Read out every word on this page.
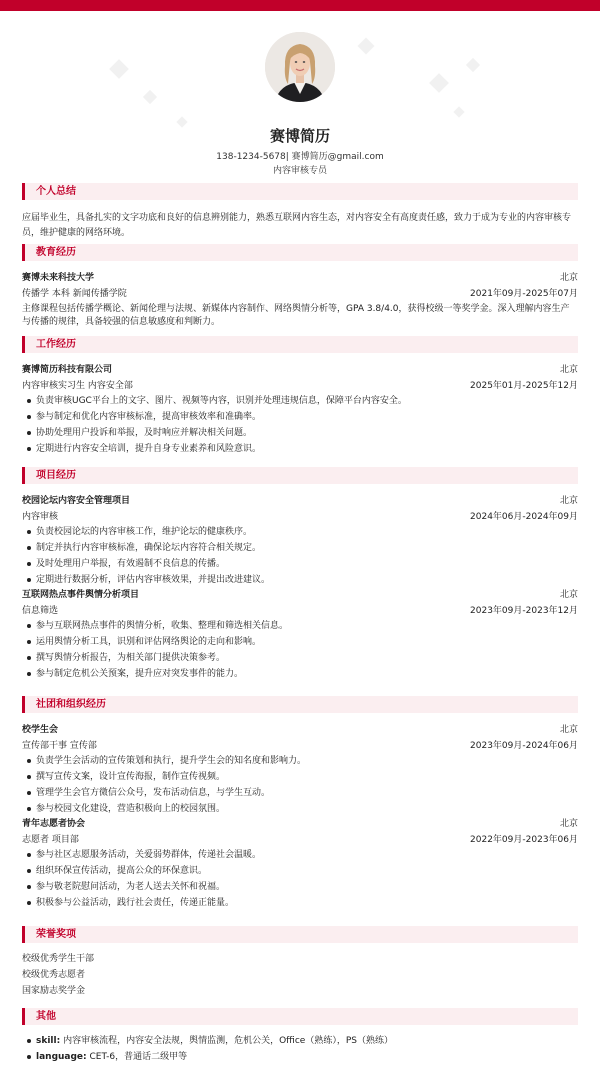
赛博简历
138-1234-5678| 赛博简历@gmail.com
内容审核专员
个人总结
应届毕业生，具备扎实的文字功底和良好的信息辨别能力，熟悉互联网内容生态，对内容安全有高度责任感，致力于成为专业的内容审核专员，维护健康的网络环境。
教育经历
赛博未来科技大学	北京
传播学 本科 新闻传播学院	2021年09月-2025年07月
主修课程包括传播学概论、新闻伦理与法规、新媒体内容制作、网络舆情分析等，GPA 3.8/4.0，获得校级一等奖学金。深入理解内容生产与传播的规律，具备较强的信息敏感度和判断力。
工作经历
赛博简历科技有限公司	北京
内容审核实习生 内容安全部	2025年01月-2025年12月
负责审核UGC平台上的文字、图片、视频等内容，识别并处理违规信息，保障平台内容安全。
参与制定和优化内容审核标准，提高审核效率和准确率。
协助处理用户投诉和举报，及时响应并解决相关问题。
定期进行内容安全培训，提升自身专业素养和风险意识。
项目经历
校园论坛内容安全管理项目	北京
内容审核	2024年06月-2024年09月
负责校园论坛的内容审核工作，维护论坛的健康秩序。
制定并执行内容审核标准，确保论坛内容符合相关规定。
及时处理用户举报，有效遏制不良信息的传播。
定期进行数据分析，评估内容审核效果，并提出改进建议。
互联网热点事件舆情分析项目	北京
信息筛选	2023年09月-2023年12月
参与互联网热点事件的舆情分析，收集、整理和筛选相关信息。
运用舆情分析工具，识别和评估网络舆论的走向和影响。
撰写舆情分析报告，为相关部门提供决策参考。
参与制定危机公关预案，提升应对突发事件的能力。
社团和组织经历
校学生会	北京
宣传部干事 宣传部	2023年09月-2024年06月
负责学生会活动的宣传策划和执行，提升学生会的知名度和影响力。
撰写宣传文案，设计宣传海报，制作宣传视频。
管理学生会官方微信公众号，发布活动信息，与学生互动。
参与校园文化建设，营造积极向上的校园氛围。
青年志愿者协会	北京
志愿者 项目部	2022年09月-2023年06月
参与社区志愿服务活动，关爱弱势群体，传递社会温暖。
组织环保宣传活动，提高公众的环保意识。
参与敬老院慰问活动，为老人送去关怀和祝福。
积极参与公益活动，践行社会责任，传递正能量。
荣誉奖项
校级优秀学生干部
校级优秀志愿者
国家励志奖学金
其他
skill: 内容审核流程，内容安全法规，舆情监测，危机公关，Office（熟练），PS（熟练）
language: CET-6，普通话二级甲等
